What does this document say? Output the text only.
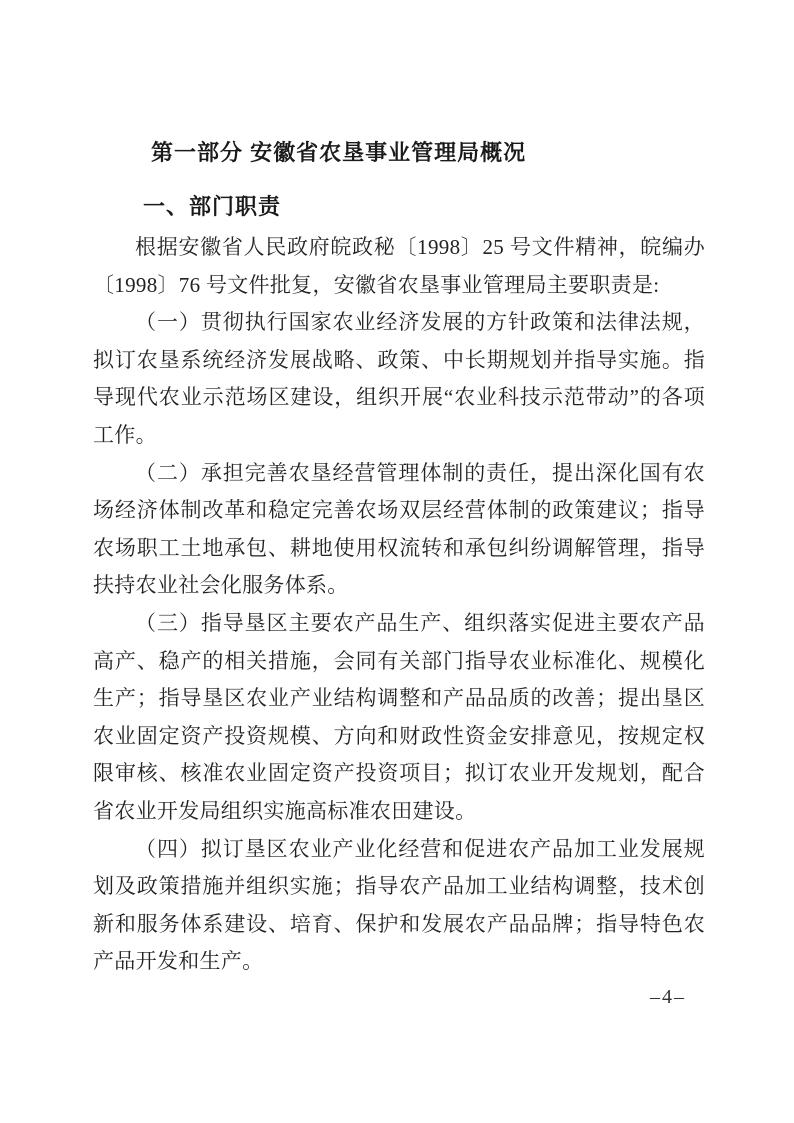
第一部分 安徽省农垦事业管理局概况
一、部门职责

根据安徽省人民政府皖政秘〔1998〕25 号文件精神，皖编办〔1998〕76 号文件批复，安徽省农垦事业管理局主要职责是:

（一）贯彻执行国家农业经济发展的方针政策和法律法规，拟订农垦系统经济发展战略、政策、中长期规划并指导实施。指导现代农业示范场区建设，组织开展“农业科技示范带动”的各项工作。

（二）承担完善农垦经营管理体制的责任，提出深化国有农场经济体制改革和稳定完善农场双层经营体制的政策建议；指导农场职工土地承包、耕地使用权流转和承包纠纷调解管理，指导扶持农业社会化服务体系。

（三）指导垦区主要农产品生产、组织落实促进主要农产品高产、稳产的相关措施，会同有关部门指导农业标准化、规模化生产；指导垦区农业产业结构调整和产品品质的改善；提出垦区农业固定资产投资规模、方向和财政性资金安排意见，按规定权限审核、核准农业固定资产投资项目；拟订农业开发规划，配合省农业开发局组织实施高标准农田建设。

（四）拟订垦区农业产业化经营和促进农产品加工业发展规划及政策措施并组织实施；指导农产品加工业结构调整，技术创新和服务体系建设、培育、保护和发展农产品品牌；指导特色农产品开发和生产。

–4–
